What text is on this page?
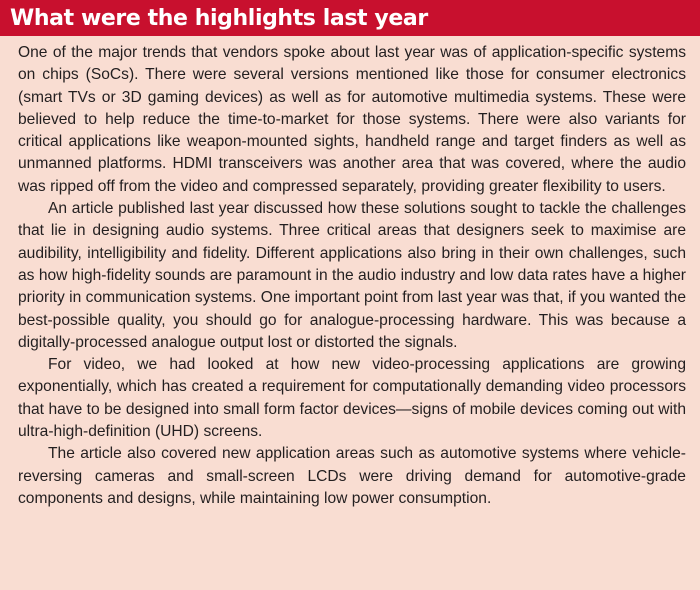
What were the highlights last year

One of the major trends that vendors spoke about last year was of application-specific systems on chips (SoCs). There were several versions mentioned like those for consumer electronics (smart TVs or 3D gaming devices) as well as for automotive multimedia systems. These were believed to help reduce the time-to-market for those systems. There were also variants for critical applications like weapon-mounted sights, handheld range and target finders as well as unmanned platforms. HDMI transceivers was another area that was covered, where the audio was ripped off from the video and compressed separately, providing greater flexibility to users.

An article published last year discussed how these solutions sought to tackle the challenges that lie in designing audio systems. Three critical areas that designers seek to maximise are audibility, intelligibility and fidelity. Different applications also bring in their own challenges, such as how high-fidelity sounds are paramount in the audio industry and low data rates have a higher priority in communication systems. One important point from last year was that, if you wanted the best-possible quality, you should go for analogue-processing hardware. This was because a digitally-processed analogue output lost or distorted the signals.

For video, we had looked at how new video-processing applications are growing exponentially, which has created a requirement for computationally demanding video processors that have to be designed into small form factor devices—signs of mobile devices coming out with ultra-high-definition (UHD) screens.

The article also covered new application areas such as automotive systems where vehicle-reversing cameras and small-screen LCDs were driving demand for automotive-grade components and designs, while maintaining low power consumption.
